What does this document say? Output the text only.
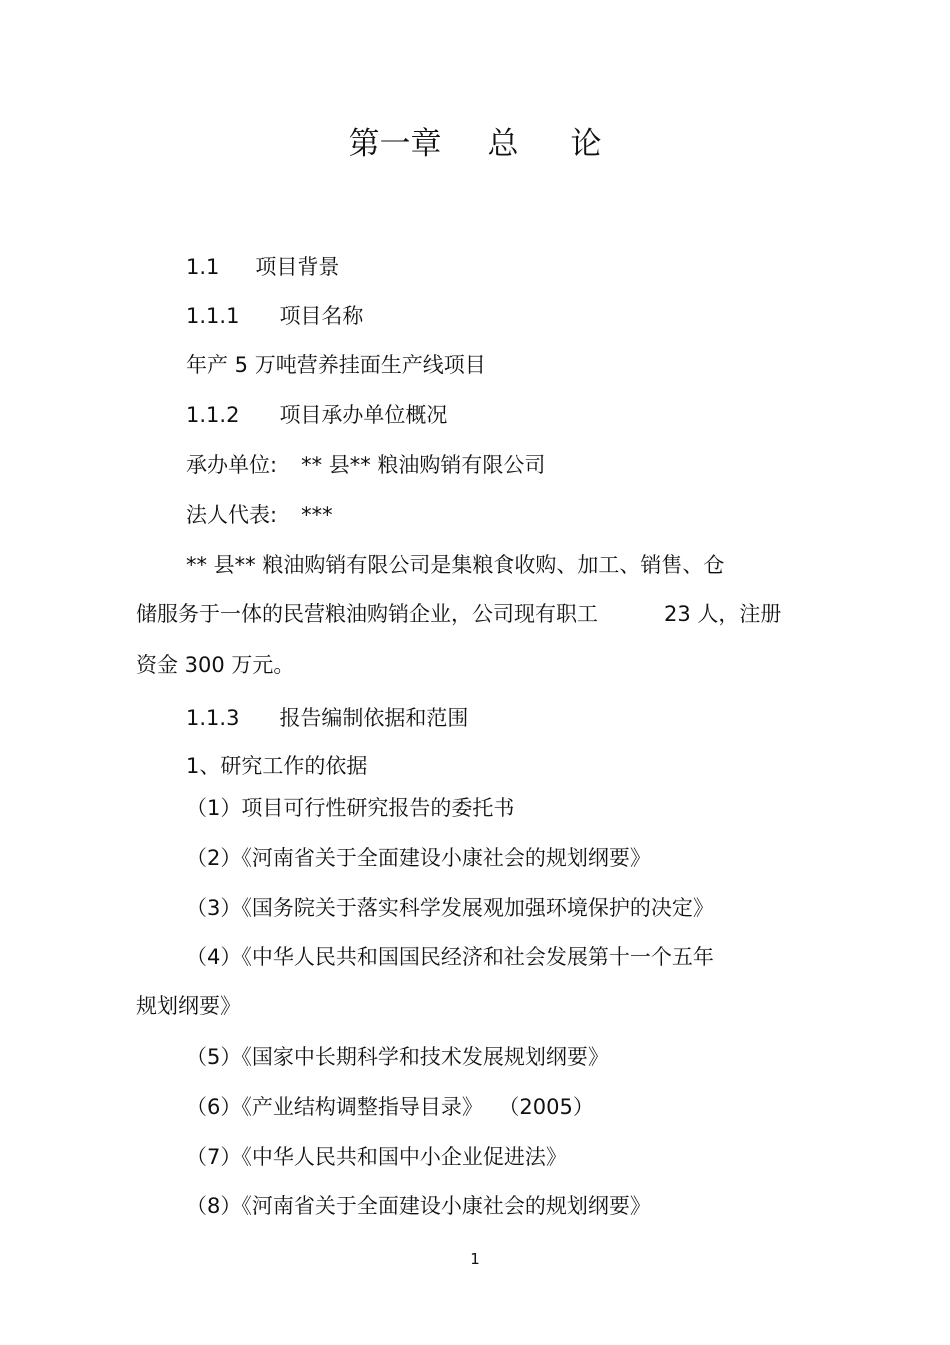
第一章 总 论
1.1 项目背景
1.1.1 项目名称
年产 5 万吨营养挂面生产线项目
1.1.2 项目承办单位概况
承办单位: ** 县** 粮油购销有限公司
法人代表: ***
** 县** 粮油购销有限公司是集粮食收购、加工、销售、仓
储服务于一体的民营粮油购销企业，公司现有职工	23 人，注册
资金 300 万元。
1.1.3 报告编制依据和范围
1、研究工作的依据
（1）项目可行性研究报告的委托书
（2）《河南省关于全面建设小康社会的规划纲要》
（3）《国务院关于落实科学发展观加强环境保护的决定》
（4）《中华人民共和国国民经济和社会发展第十一个五年
规划纲要》
（5）《国家中长期科学和技术发展规划纲要》
（6）《产业结构调整指导目录》 （2005）
（7）《中华人民共和国中小企业促进法》
（8）《河南省关于全面建设小康社会的规划纲要》
1
